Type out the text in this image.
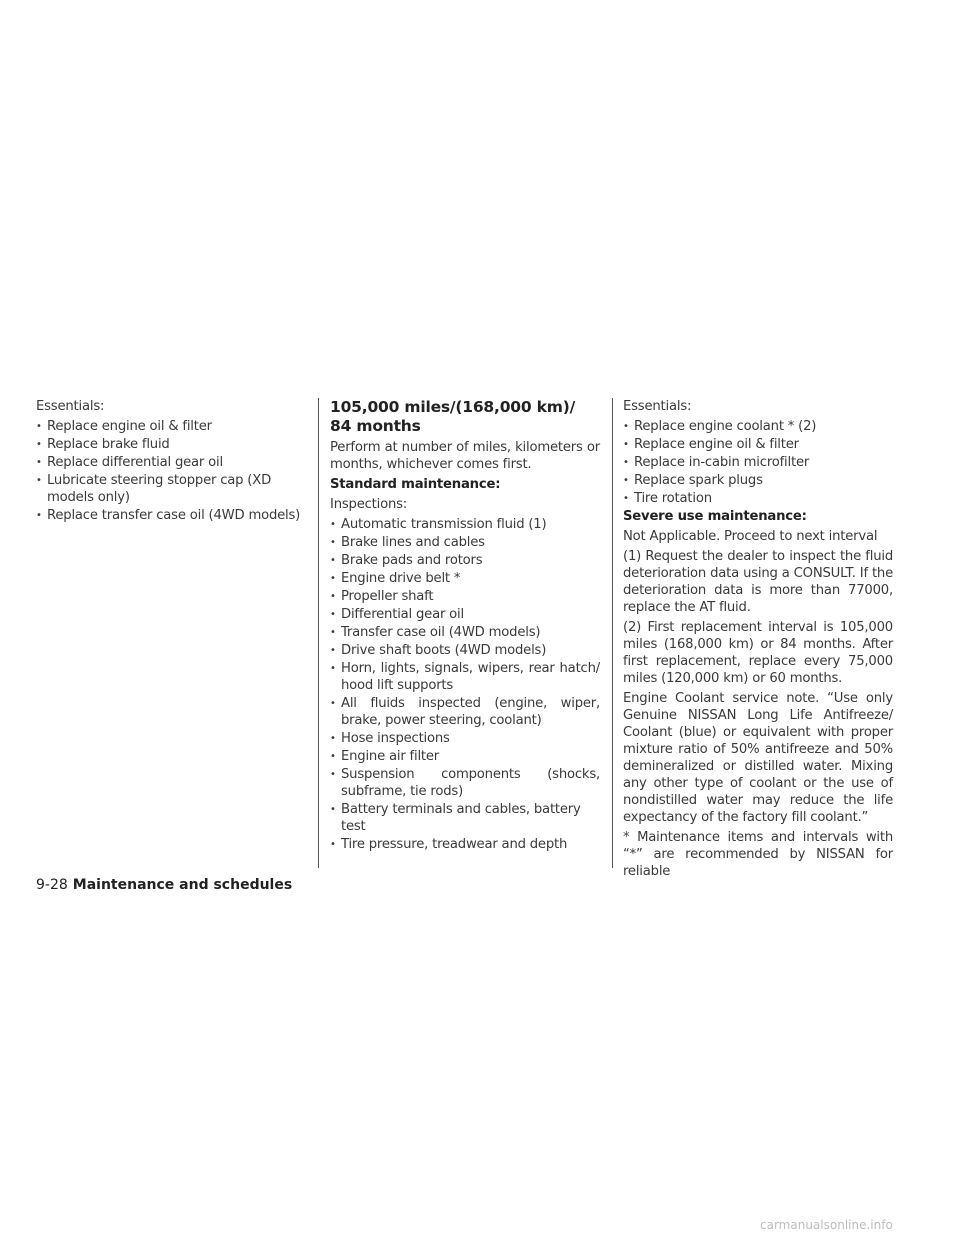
Essentials:

• Replace engine oil & filter
• Replace brake fluid
• Replace differential gear oil
• Lubricate steering stopper cap (XD models only)
• Replace transfer case oil (4WD models)
105,000 miles/(168,000 km)/
84 months

Perform at number of miles, kilometers or months, whichever comes first.

Standard maintenance:

Inspections:

• Automatic transmission fluid (1)
• Brake lines and cables
• Brake pads and rotors
• Engine drive belt *
• Propeller shaft
• Differential gear oil
• Transfer case oil (4WD models)
• Drive shaft boots (4WD models)
• Horn, lights, signals, wipers, rear hatch/ hood lift supports
• All fluids inspected (engine, wiper, brake, power steering, coolant)
• Hose inspections
• Engine air filter
• Suspension components (shocks, subframe, tie rods)
• Battery terminals and cables, battery test
• Tire pressure, treadwear and depth

Essentials:

• Replace engine coolant * (2)
• Replace engine oil & filter
• Replace in-cabin microfilter
• Replace spark plugs
• Tire rotation

Severe use maintenance:

Not Applicable. Proceed to next interval

(1) Request the dealer to inspect the fluid deterioration data using a CONSULT. If the deterioration data is more than 77000, replace the AT fluid.

(2) First replacement interval is 105,000 miles (168,000 km) or 84 months. After first replacement, replace every 75,000 miles (120,000 km) or 60 months.

Engine Coolant service note. “Use only Genuine NISSAN Long Life Antifreeze/ Coolant (blue) or equivalent with proper mixture ratio of 50% antifreeze and 50% demineralized or distilled water. Mixing any other type of coolant or the use of nondistilled water may reduce the life expectancy of the factory fill coolant.”

* Maintenance items and intervals with “*” are recommended by NISSAN for reliable

9-28 Maintenance and schedules
carmanualsonline.info
